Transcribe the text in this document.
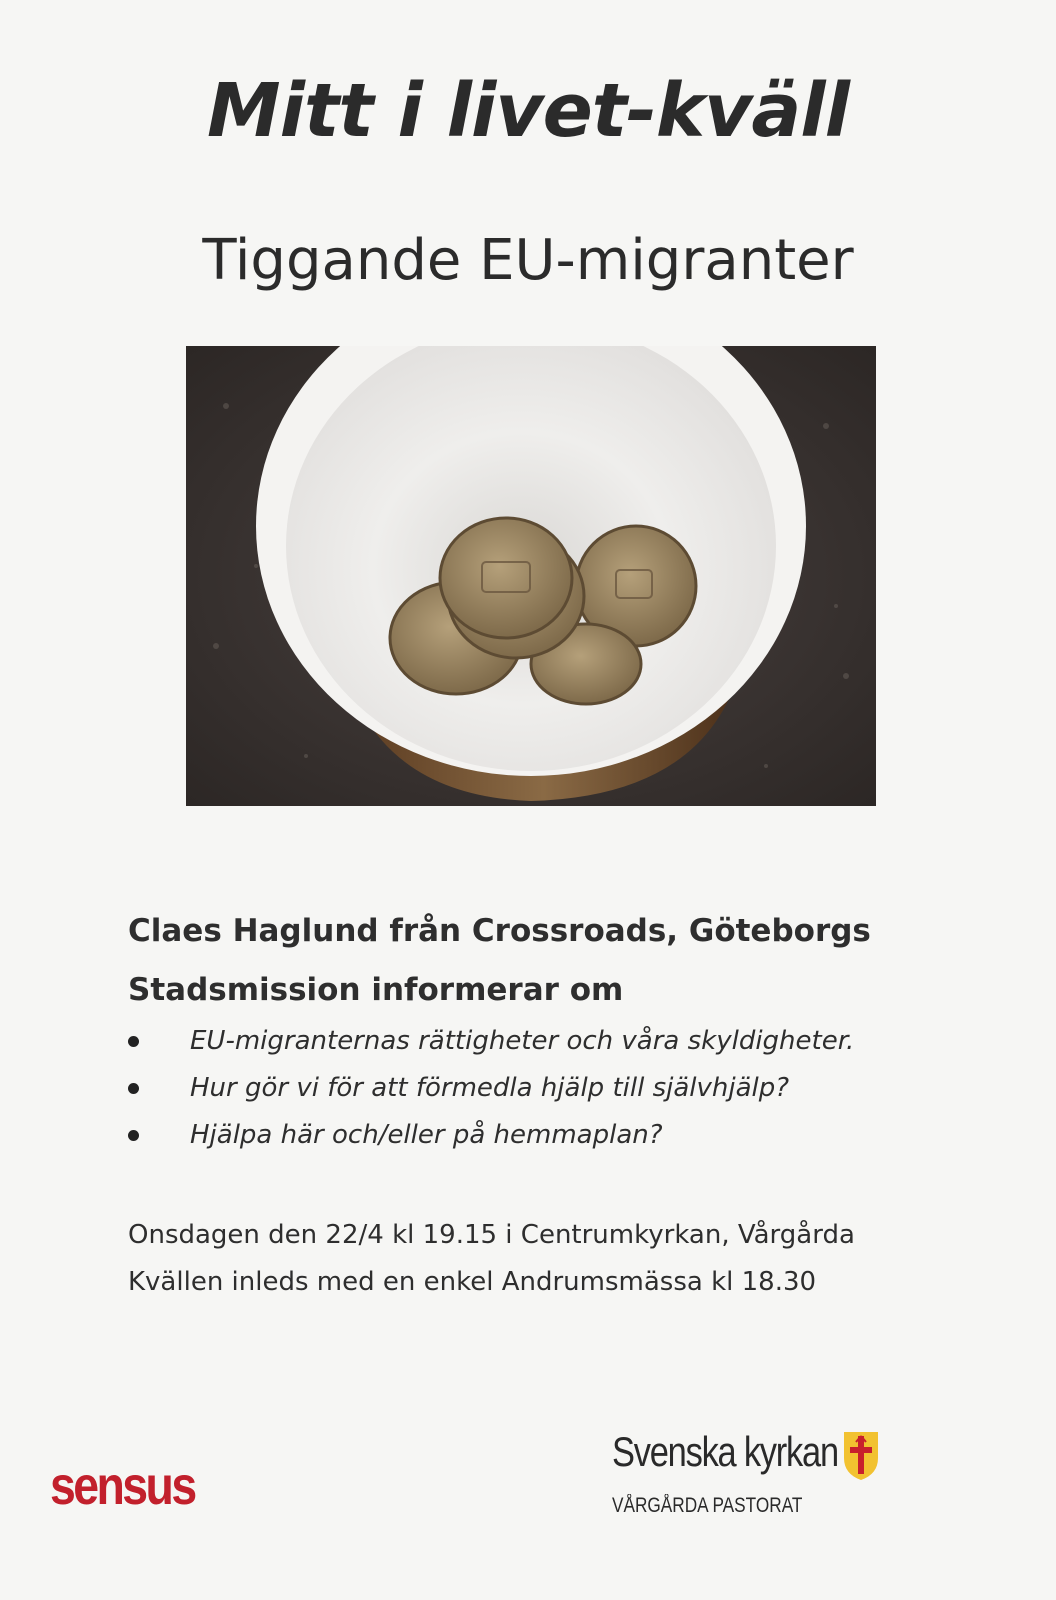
Mitt i livet-kväll
Tiggande EU-migranter
Claes Haglund från Crossroads, Göteborgs
Stadsmission informerar om
EU-migranternas rättigheter och våra skyldigheter.
Hur gör vi för att förmedla hjälp till självhjälp?
Hjälpa här och/eller på hemmaplan?
Onsdagen den 22/4 kl 19.15 i Centrumkyrkan, Vårgårda
Kvällen inleds med en enkel Andrumsmässa kl 18.30
sensus
Svenska kyrkan
VÅRGÅRDA PASTORAT
